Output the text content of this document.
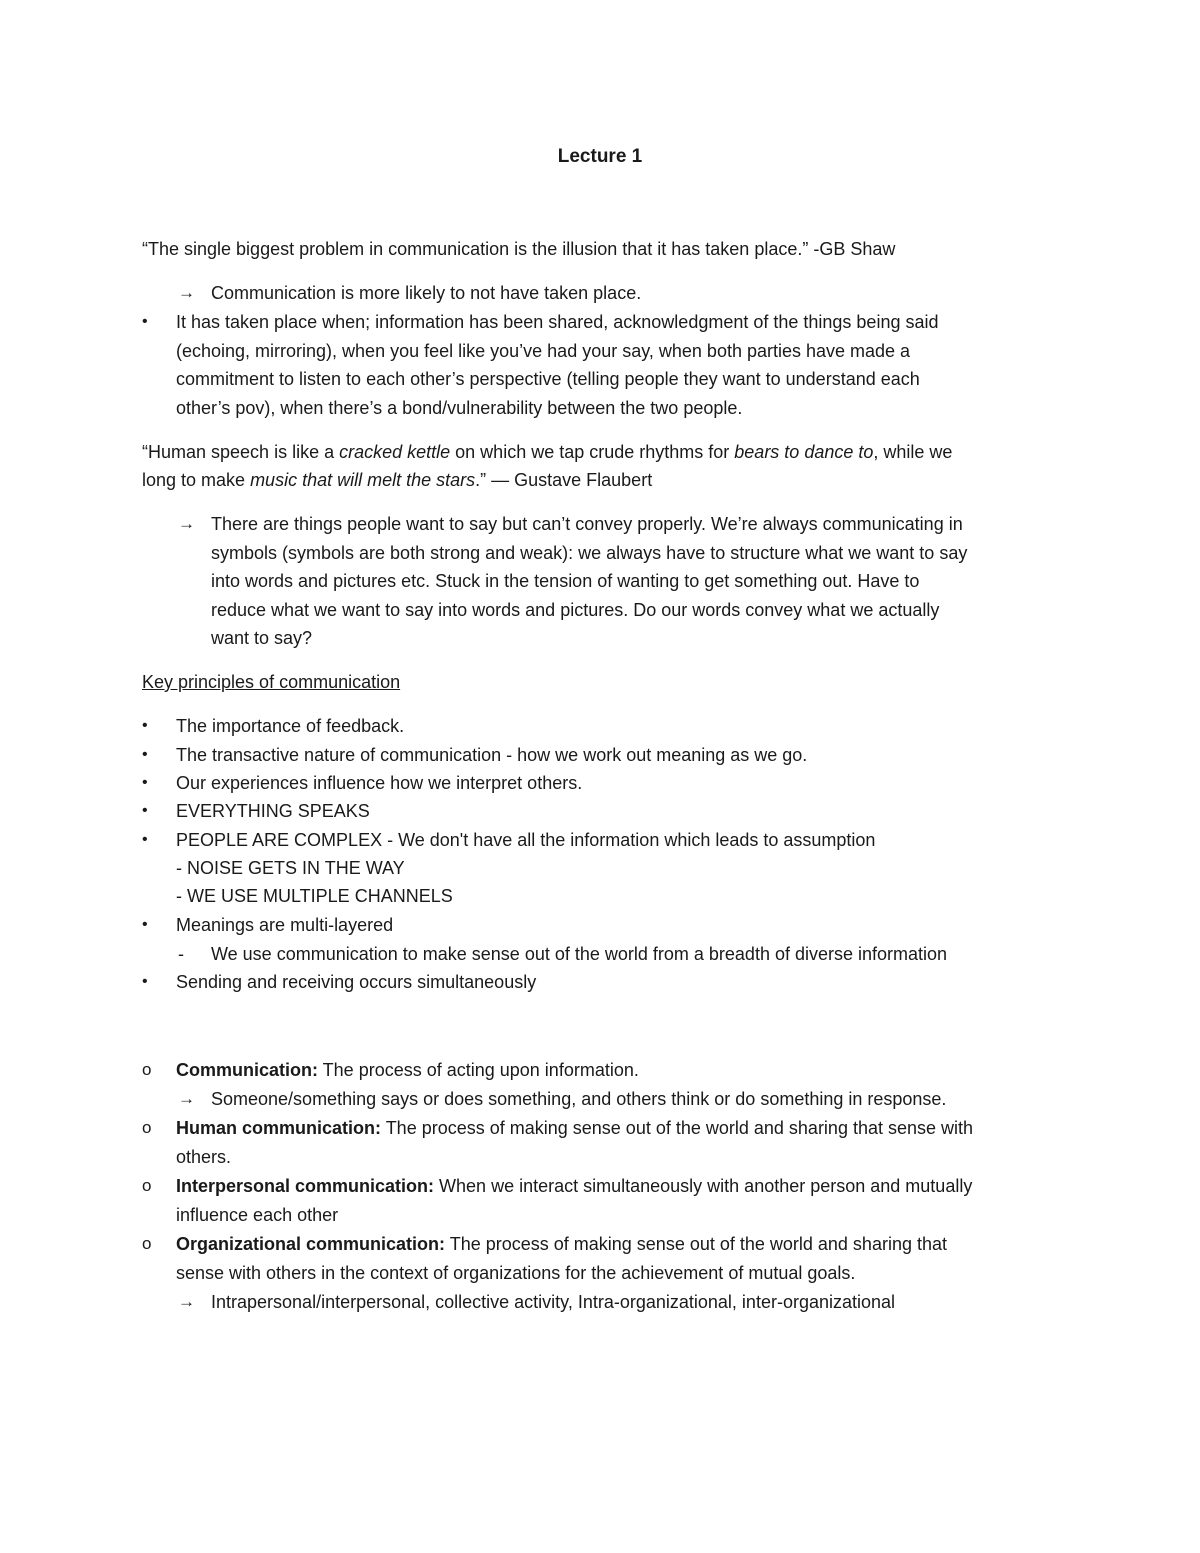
Lecture 1
“The single biggest problem in communication is the illusion that it has taken place.” -GB Shaw
→ Communication is more likely to not have taken place.
• It has taken place when; information has been shared, acknowledgment of the things being said
(echoing, mirroring), when you feel like you’ve had your say, when both parties have made a
commitment to listen to each other’s perspective (telling people they want to understand each
other’s pov), when there’s a bond/vulnerability between the two people.
“Human speech is like a cracked kettle on which we tap crude rhythms for bears to dance to, while we
long to make music that will melt the stars.” — Gustave Flaubert
→ There are things people want to say but can’t convey properly. We’re always communicating in
symbols (symbols are both strong and weak): we always have to structure what we want to say
into words and pictures etc. Stuck in the tension of wanting to get something out. Have to
reduce what we want to say into words and pictures. Do our words convey what we actually
want to say?
Key principles of communication
• The importance of feedback.
• The transactive nature of communication - how we work out meaning as we go.
• Our experiences influence how we interpret others.
• EVERYTHING SPEAKS
• PEOPLE ARE COMPLEX - We don't have all the information which leads to assumption
- NOISE GETS IN THE WAY
- WE USE MULTIPLE CHANNELS
• Meanings are multi-layered
- We use communication to make sense out of the world from a breadth of diverse information
• Sending and receiving occurs simultaneously
o Communication: The process of acting upon information.
→ Someone/something says or does something, and others think or do something in response.
o Human communication: The process of making sense out of the world and sharing that sense with
others.
o Interpersonal communication: When we interact simultaneously with another person and mutually
influence each other
o Organizational communication: The process of making sense out of the world and sharing that
sense with others in the context of organizations for the achievement of mutual goals.
→ Intrapersonal/interpersonal, collective activity, Intra-organizational, inter-organizational
